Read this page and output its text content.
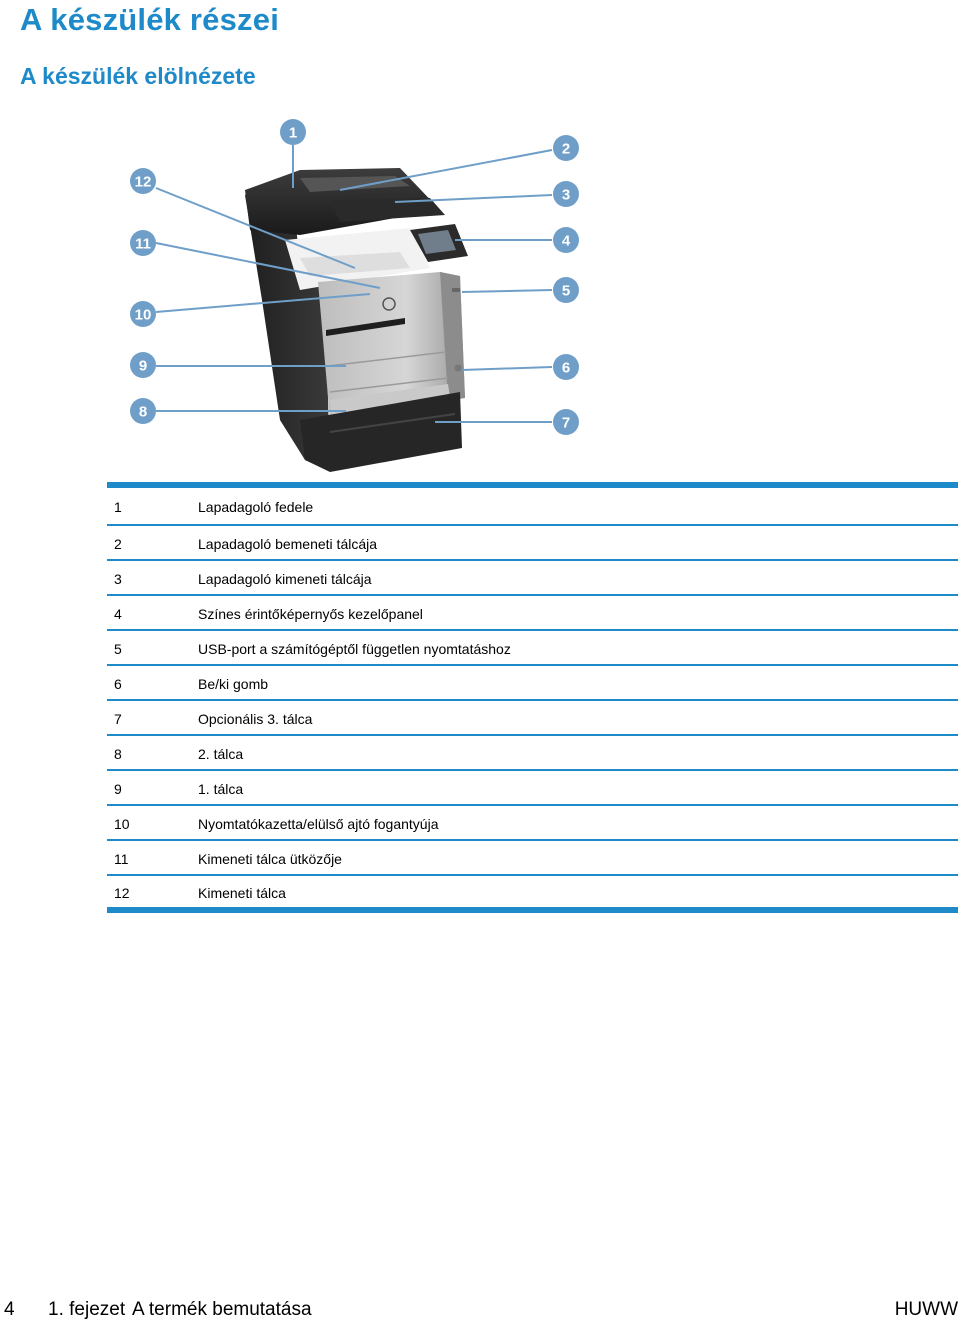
A készülék részei
A készülék elölnézete
1
2
3
4
5
6
7
8
9
10
11
12
1	Lapadagoló fedele
2	Lapadagoló bemeneti tálcája
3	Lapadagoló kimeneti tálcája
4	Színes érintőképernyős kezelőpanel
5	USB-port a számítógéptől független nyomtatáshoz
6	Be/ki gomb
7	Opcionális 3. tálca
8	2. tálca
9	1. tálca
10	Nyomtatókazetta/elülső ajtó fogantyúja
11	Kimeneti tálca ütközője
12	Kimeneti tálca
4 1. fejezet A termék bemutatása	HUWW
